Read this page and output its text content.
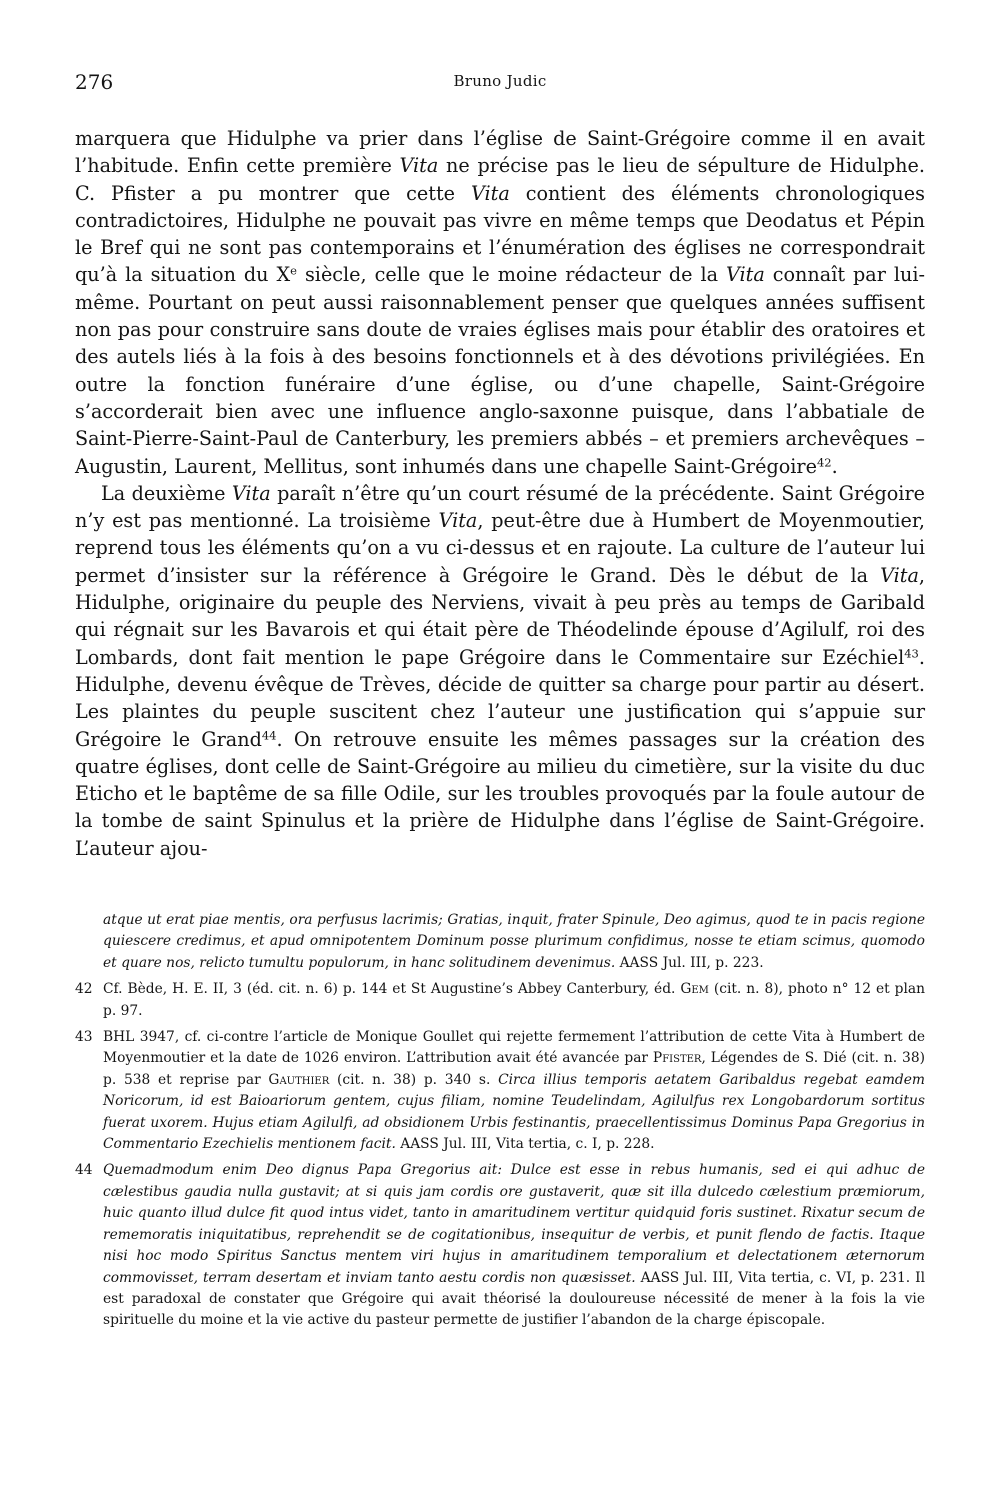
276	Bruno Judic

marquera que Hidulphe va prier dans l’église de Saint-Grégoire comme il en avait l’habitude. Enfin cette première Vita ne précise pas le lieu de sépulture de Hidulphe. C. Pfister a pu montrer que cette Vita contient des éléments chronologiques contradictoires, Hidulphe ne pouvait pas vivre en même temps que Deodatus et Pépin le Bref qui ne sont pas contemporains et l’énumération des églises ne correspondrait qu’à la situation du Xe siècle, celle que le moine rédacteur de la Vita connaît par lui-même. Pourtant on peut aussi raisonnablement penser que quelques années suffisent non pas pour construire sans doute de vraies églises mais pour établir des oratoires et des autels liés à la fois à des besoins fonctionnels et à des dévotions privilégiées. En outre la fonction funéraire d’une église, ou d’une chapelle, Saint-Grégoire s’accorderait bien avec une influence anglo-saxonne puisque, dans l’abbatiale de Saint-Pierre-Saint-Paul de Canterbury, les premiers abbés – et premiers archevêques – Augustin, Laurent, Mellitus, sont inhumés dans une chapelle Saint-Grégoire$^{42}$.

La deuxième Vita paraît n’être qu’un court résumé de la précédente. Saint Grégoire n’y est pas mentionné. La troisième Vita, peut-être due à Humbert de Moyenmoutier, reprend tous les éléments qu’on a vu ci-dessus et en rajoute. La culture de l’auteur lui permet d’insister sur la référence à Grégoire le Grand. Dès le début de la Vita, Hidulphe, originaire du peuple des Nerviens, vivait à peu près au temps de Garibald qui régnait sur les Bavarois et qui était père de Théodelinde épouse d’Agilulf, roi des Lombards, dont fait mention le pape Grégoire dans le Commentaire sur Ezéchiel$^{43}$. Hidulphe, devenu évêque de Trèves, décide de quitter sa charge pour partir au désert. Les plaintes du peuple suscitent chez l’auteur une justification qui s’appuie sur Grégoire le Grand$^{44}$. On retrouve ensuite les mêmes passages sur la création des quatre églises, dont celle de Saint-Grégoire au milieu du cimetière, sur la visite du duc Eticho et le baptême de sa fille Odile, sur les troubles provoqués par la foule autour de la tombe de saint Spinulus et la prière de Hidulphe dans l’église de Saint-Grégoire. L’auteur ajou-

atque ut erat piae mentis, ora perfusus lacrimis; Gratias, inquit, frater Spinule, Deo agimus, quod te in pacis regione quiescere credimus, et apud omnipotentem Dominum posse plurimum confidimus, nosse te etiam scimus, quomodo et quare nos, relicto tumultu populorum, in hanc solitudinem devenimus. AASS Jul. III, p. 223.

42 Cf. Bède, H. E. II, 3 (éd. cit. n. 6) p. 144 et St Augustine’s Abbey Canterbury, éd. Gem (cit. n. 8), photo n° 12 et plan p. 97.

43 BHL 3947, cf. ci-contre l’article de Monique Goullet qui rejette fermement l’attribution de cette Vita à Humbert de Moyenmoutier et la date de 1026 environ. L’attribution avait été avancée par Pfister, Légendes de S. Dié (cit. n. 38) p. 538 et reprise par Gauthier (cit. n. 38) p. 340 s. Circa illius temporis aetatem Garibaldus regebat eamdem Noricorum, id est Baioariorum gentem, cujus filiam, nomine Teudelindam, Agilulfus rex Longobardorum sortitus fuerat uxorem. Hujus etiam Agilulfi, ad obsidionem Urbis festinantis, praecellentissimus Dominus Papa Gregorius in Commentario Ezechielis mentionem facit. AASS Jul. III, Vita tertia, c. I, p. 228.

44 Quemadmodum enim Deo dignus Papa Gregorius ait: Dulce est esse in rebus humanis, sed ei qui adhuc de cælestibus gaudia nulla gustavit; at si quis jam cordis ore gustaverit, quæ sit illa dulcedo cælestium præmiorum, huic quanto illud dulce fit quod intus videt, tanto in amaritudinem vertitur quidquid foris sustinet. Rixatur secum de rememoratis iniquitatibus, reprehendit se de cogitationibus, insequitur de verbis, et punit flendo de factis. Itaque nisi hoc modo Spiritus Sanctus mentem viri hujus in amaritudinem temporalium et delectationem æternorum commovisset, terram desertam et inviam tanto aestu cordis non quæsisset. AASS Jul. III, Vita tertia, c. VI, p. 231. Il est paradoxal de constater que Grégoire qui avait théorisé la douloureuse nécessité de mener à la fois la vie spirituelle du moine et la vie active du pasteur permette de justifier l’abandon de la charge épiscopale.
